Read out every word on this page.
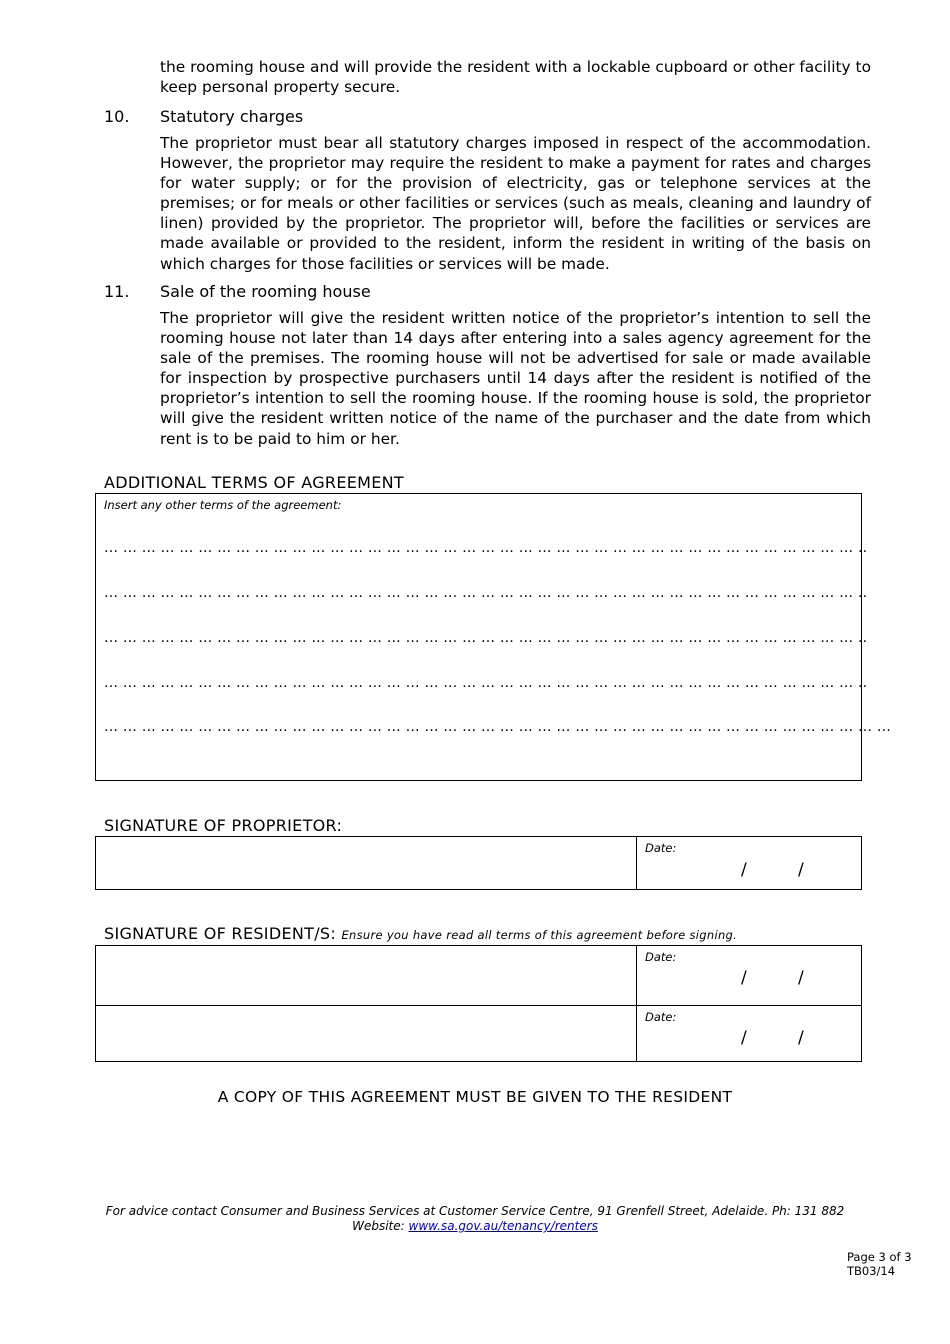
the rooming house and will provide the resident with a lockable cupboard or other facility to keep personal property secure.
10. Statutory charges
The proprietor must bear all statutory charges imposed in respect of the accommodation. However, the proprietor may require the resident to make a payment for rates and charges for water supply; or for the provision of electricity, gas or telephone services at the premises; or for meals or other facilities or services (such as meals, cleaning and laundry of linen) provided by the proprietor. The proprietor will, before the facilities or services are made available or provided to the resident, inform the resident in writing of the basis on which charges for those facilities or services will be made.
11. Sale of the rooming house
The proprietor will give the resident written notice of the proprietor’s intention to sell the rooming house not later than 14 days after entering into a sales agency agreement for the sale of the premises. The rooming house will not be advertised for sale or made available for inspection by prospective purchasers until 14 days after the resident is notified of the proprietor’s intention to sell the rooming house. If the rooming house is sold, the proprietor will give the resident written notice of the name of the purchaser and the date from which rent is to be paid to him or her.
ADDITIONAL TERMS OF AGREEMENT
Insert any other terms of the agreement:
… … … … … … … … … … … … … … … … … … … … … … … … … … … … … … … … … … … … … … … … ..
… … … … … … … … … … … … … … … … … … … … … … … … … … … … … … … … … … … … … … … … ..
… … … … … … … … … … … … … … … … … … … … … … … … … … … … … … … … … … … … … … … … ..
… … … … … … … … … … … … … … … … … … … … … … … … … … … … … … … … … … … … … … … … ..
… … … … … … … … … … … … … … … … … … … … … … … … … … … … … … … … … … … … … … … … … …
SIGNATURE OF PROPRIETOR:
Date:
/	/
SIGNATURE OF RESIDENT/S: Ensure you have read all terms of this agreement before signing.
Date:
/	/
Date:
/	/
A COPY OF THIS AGREEMENT MUST BE GIVEN TO THE RESIDENT
For advice contact Consumer and Business Services at Customer Service Centre, 91 Grenfell Street, Adelaide. Ph: 131 882
Website: www.sa.gov.au/tenancy/renters
Page 3 of 3
TB03/14
